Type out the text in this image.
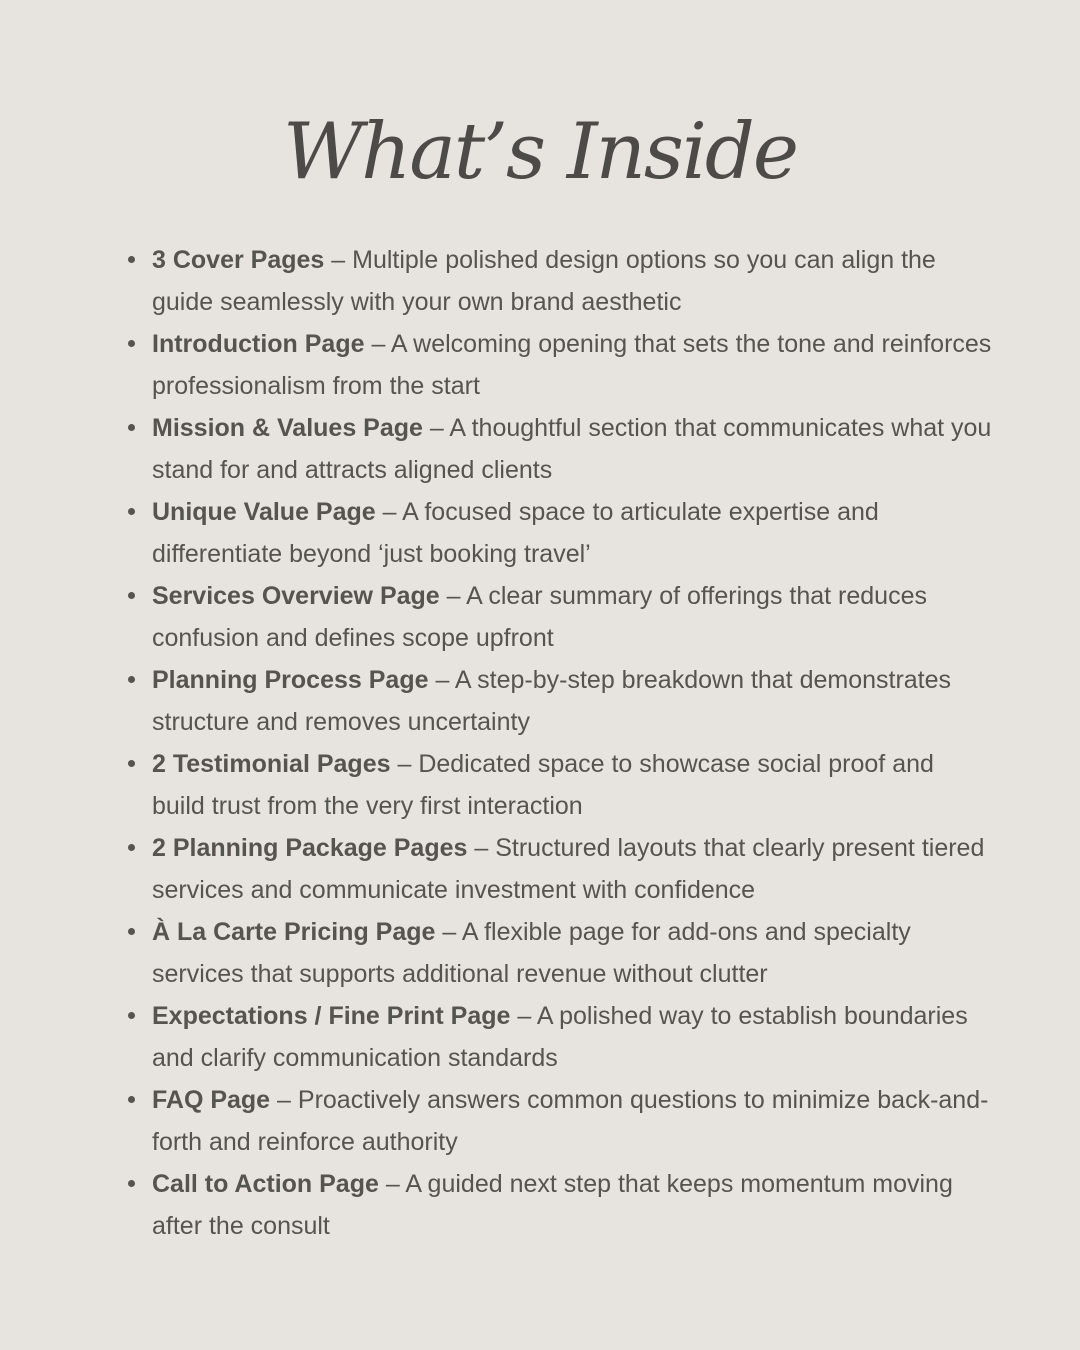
What’s Inside
3 Cover Pages – Multiple polished design options so you can align the guide seamlessly with your own brand aesthetic
Introduction Page – A welcoming opening that sets the tone and reinforces professionalism from the start
Mission & Values Page – A thoughtful section that communicates what you stand for and attracts aligned clients
Unique Value Page – A focused space to articulate expertise and differentiate beyond ‘just booking travel’
Services Overview Page – A clear summary of offerings that reduces confusion and defines scope upfront
Planning Process Page – A step-by-step breakdown that demonstrates structure and removes uncertainty
2 Testimonial Pages – Dedicated space to showcase social proof and build trust from the very first interaction
2 Planning Package Pages – Structured layouts that clearly present tiered services and communicate investment with confidence
À La Carte Pricing Page – A flexible page for add-ons and specialty services that supports additional revenue without clutter
Expectations / Fine Print Page – A polished way to establish boundaries and clarify communication standards
FAQ Page – Proactively answers common questions to minimize back-and-forth and reinforce authority
Call to Action Page – A guided next step that keeps momentum moving after the consult
